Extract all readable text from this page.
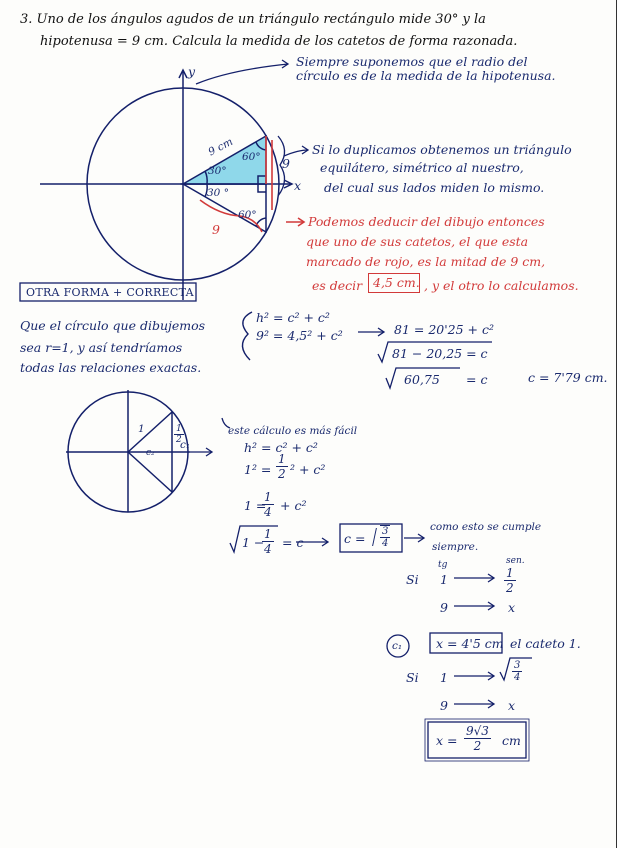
3. Uno de los ángulos agudos de un triángulo rectángulo mide 30° y la
hipotenusa = 9 cm. Calcula la medida de los catetos de forma razonada.
y
x
9 cm
30°
30 °
60°
60°
9
9
Siempre suponemos que el radio del
círculo es de la medida de la hipotenusa.
Si lo duplicamos obtenemos un triángulo
equilátero, simétrico al nuestro,
del cual sus lados miden lo mismo.
Podemos deducir del dibujo entonces
que uno de sus catetos, el que esta
marcado de rojo, es la mitad de 9 cm,
es decir 4,5 cm. , y el otro lo calculamos.
OTRA FORMA + CORRECTA
Que el círculo que dibujemos
sea r=1, y así tendríamos
todas las relaciones exactas.
h² = c² + c²
9² = 4,5² + c²	81 = 20'25 + c²
81 − 20,25 = c
60,75 = c	c = 7'79 cm.
1	$\frac{1}{2}$
c₁
c₂
este cálculo es más fácil
h² = c² + c²
$1^2 = \frac{1}{2} ^2 + c^2$
1 =
$\frac{1}{4} + c^2$
1 −
$\frac{1}{4} = c$	$c = \frac{3}{4}$	como esto se cumple
siempre.
tg	sen.
Si 1	$\frac{1}{2}$
9	x
c₁	x = 4'5 cm el cateto 1.
Si 1	$\frac{3}{4}$
9	x
$x = \frac{9√3}{2}$ cm
